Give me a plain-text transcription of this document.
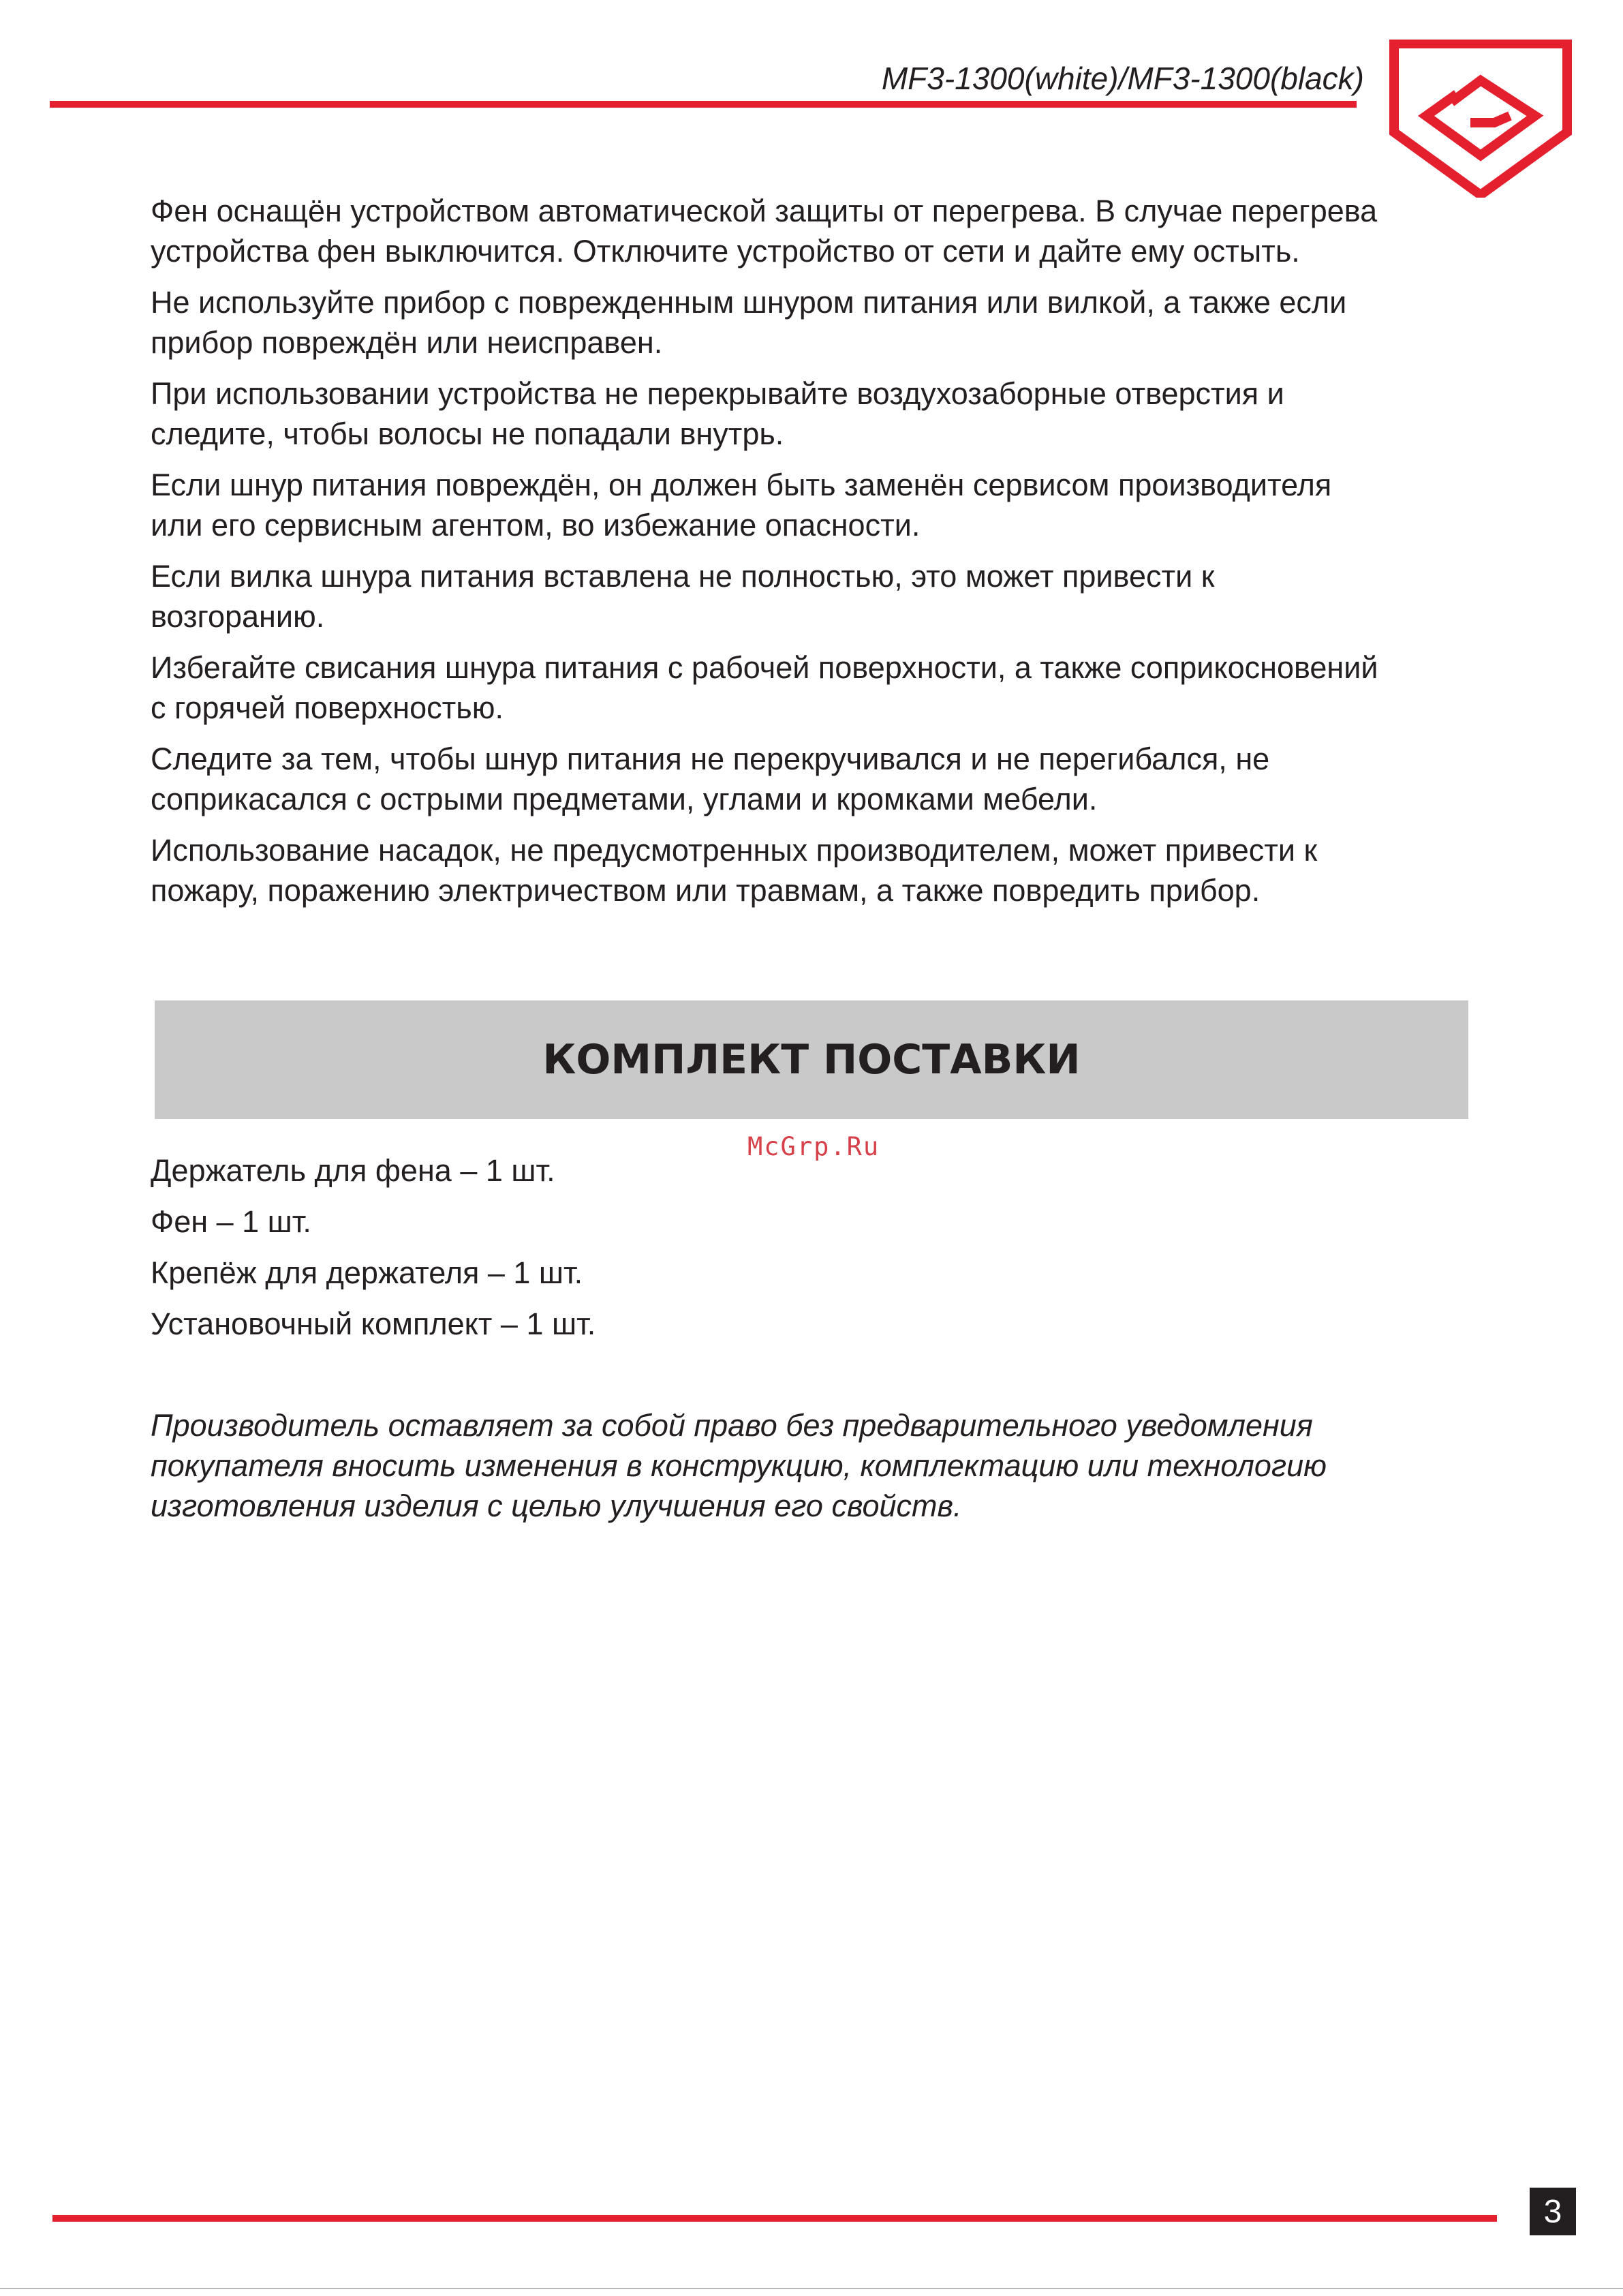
MF3-1300(white)/MF3-1300(black)

Фен оснащён устройством автоматической защиты от перегрева. В случае перегрева
устройства фен выключится. Отключите устройство от сети и дайте ему остыть.

Не используйте прибор с поврежденным шнуром питания или вилкой, а также если
прибор повреждён или неисправен.

При использовании устройства не перекрывайте воздухозаборные отверстия и
следите, чтобы волосы не попадали внутрь.

Если шнур питания повреждён, он должен быть заменён сервисом производителя
или его сервисным агентом, во избежание опасности.

Если вилка шнура питания вставлена не полностью, это может привести к
возгоранию.

Избегайте свисания шнура питания с рабочей поверхности, а также соприкосновений
с горячей поверхностью.

Следите за тем, чтобы шнур питания не перекручивался и не перегибался, не
соприкасался с острыми предметами, углами и кромками мебели.

Использование насадок, не предусмотренных производителем, может привести к
пожару, поражению электричеством или травмам, а также повредить прибор.

КОМПЛЕКТ ПОСТАВКИ
McGrp.Ru
Держатель для фена – 1 шт.
Фен – 1 шт.
Крепёж для держателя – 1 шт.
Установочный комплект – 1 шт.
Производитель оставляет за собой право без предварительного уведомления
покупателя вносить изменения в конструкцию, комплектацию или технологию
изготовления изделия с целью улучшения его свойств.
3
